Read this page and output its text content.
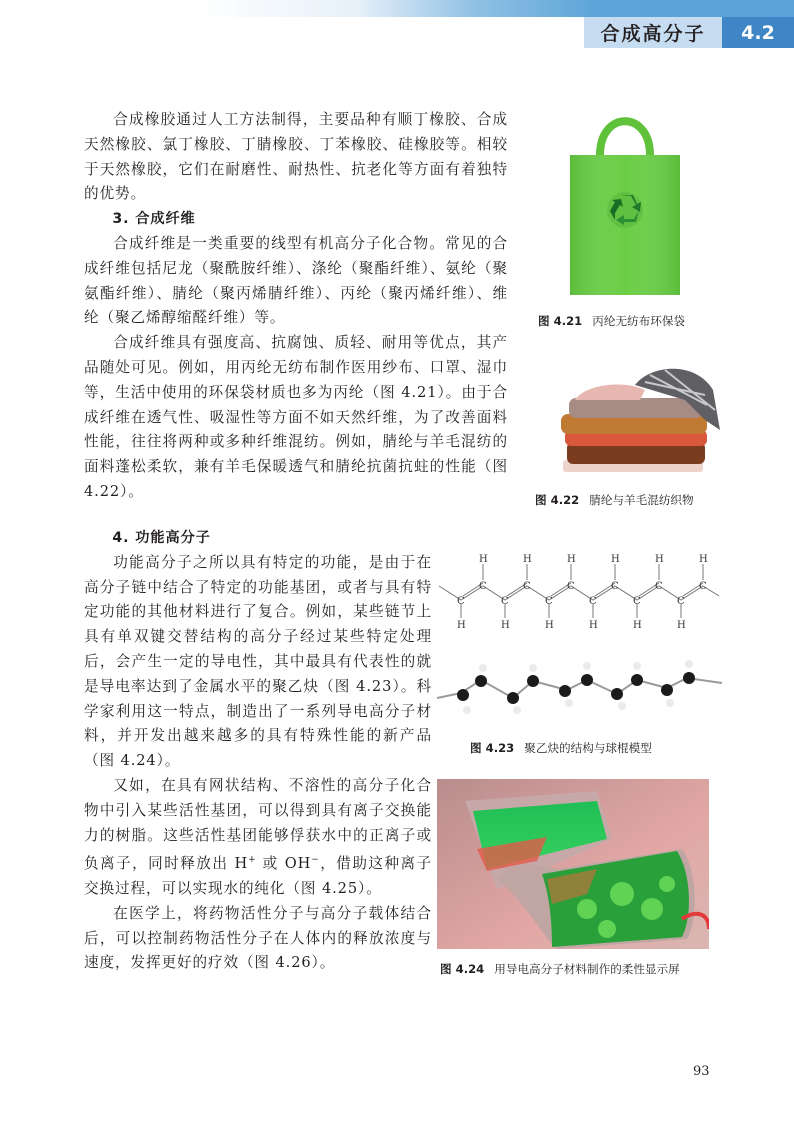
合成高分子	4.2

合成橡胶通过人工方法制得，主要品种有顺丁橡胶、合成天然橡胶、氯丁橡胶、丁腈橡胶、丁苯橡胶、硅橡胶等。相较于天然橡胶，它们在耐磨性、耐热性、抗老化等方面有着独特的优势。

3. 合成纤维

合成纤维是一类重要的线型有机高分子化合物。常见的合成纤维包括尼龙（聚酰胺纤维）、涤纶（聚酯纤维）、氨纶（聚氨酯纤维）、腈纶（聚丙烯腈纤维）、丙纶（聚丙烯纤维）、维纶（聚乙烯醇缩醛纤维）等。

合成纤维具有强度高、抗腐蚀、质轻、耐用等优点，其产品随处可见。例如，用丙纶无纺布制作医用纱布、口罩、湿巾等，生活中使用的环保袋材质也多为丙纶（图 4.21）。由于合成纤维在透气性、吸湿性等方面不如天然纤维，为了改善面料性能，往往将两种或多种纤维混纺。例如，腈纶与羊毛混纺的面料蓬松柔软，兼有羊毛保暖透气和腈纶抗菌抗蛀的性能（图 4.22）。

4. 功能高分子

功能高分子之所以具有特定的功能，是由于在高分子链中结合了特定的功能基团，或者与具有特定功能的其他材料进行了复合。例如，某些链节上具有单双键交替结构的高分子经过某些特定处理后，会产生一定的导电性，其中最具有代表性的就是导电率达到了金属水平的聚乙炔（图 4.23）。科学家利用这一特点，制造出了一系列导电高分子材料，并开发出越来越多的具有特殊性能的新产品（图 4.24）。

又如，在具有网状结构、不溶性的高分子化合物中引入某些活性基团，可以得到具有离子交换能力的树脂。这些活性基团能够俘获水中的正离子或负离子，同时释放出 H+ 或 OH−，借助这种离子交换过程，可以实现水的纯化（图 4.25）。

在医学上，将药物活性分子与高分子载体结合后，可以控制药物活性分子在人体内的释放浓度与速度，发挥更好的疗效（图 4.26）。

图 4.21 丙纶无纺布环保袋
图 4.22 腈纶与羊毛混纺织物
H	H	H	H	H	H
C	C	C	C	C	C
C	C	C	C	C	C
H	H	H	H	H	H
图 4.23 聚乙炔的结构与球棍模型
图 4.24 用导电高分子材料制作的柔性显示屏
93
